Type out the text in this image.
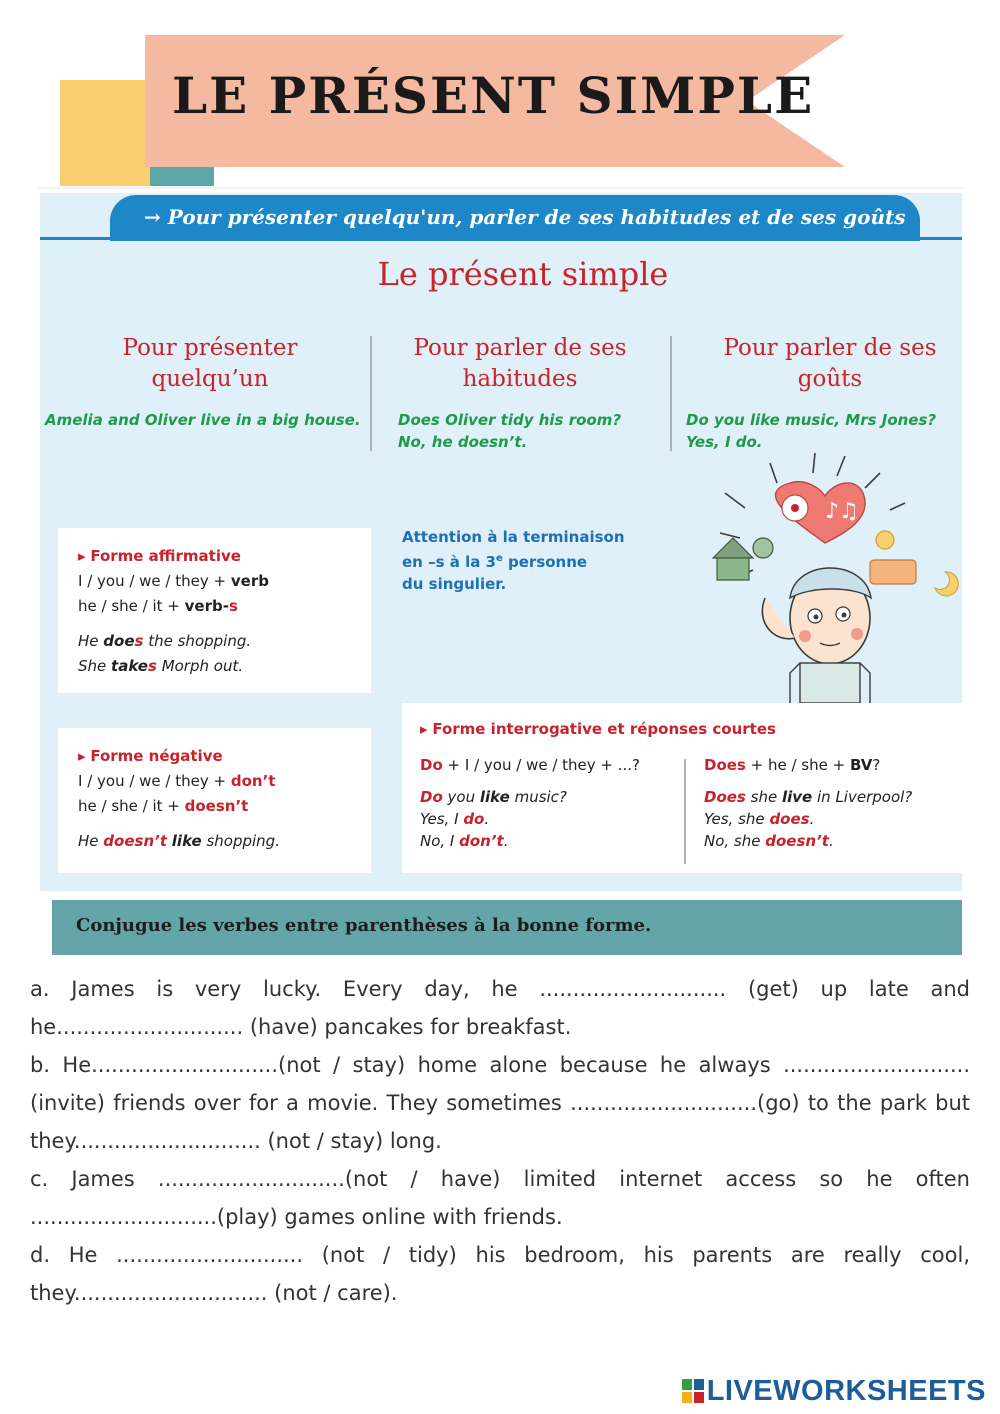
LE PRÉSENT SIMPLE
→ Pour présenter quelqu'un, parler de ses habitudes et de ses goûts
Le présent simple
Pour présenter quelqu’un
Amelia and Oliver live in a big house.
Pour parler de ses habitudes
Does Oliver tidy his room?
No, he doesn’t.
Pour parler de ses goûts
Do you like music, Mrs Jones?
Yes, I do.

▸ Forme affirmative

I / you / we / they + verb

he / she / it + verb-s

He does the shopping.

She takes Morph out.

Attention à la terminaison
en –s à la 3e personne
du singulier.
♪♫

▸ Forme négative

I / you / we / they + don’t

he / she / it + doesn’t

He doesn’t like shopping.

▸ Forme interrogative et réponses courtes

Do + I / you / we / they + ...?

Do you like music?

Yes, I do.

No, I don’t.

Does + he / she + BV?

Does she live in Liverpool?

Yes, she does.

No, she doesn’t.

Conjugue les verbes entre parenthèses à la bonne forme.

a. James is very lucky. Every day, he ............................ (get) up late and he............................ (have) pancakes for breakfast.

b. He............................(not / stay) home alone because he always ............................ (invite) friends over for a movie. They sometimes ............................(go) to the park but they............................ (not / stay) long.

c. James ............................(not / have) limited internet access so he often ............................(play) games online with friends.

d. He ............................ (not / tidy) his bedroom, his parents are really cool, they............................. (not / care).

LIVEWORKSHEETS
